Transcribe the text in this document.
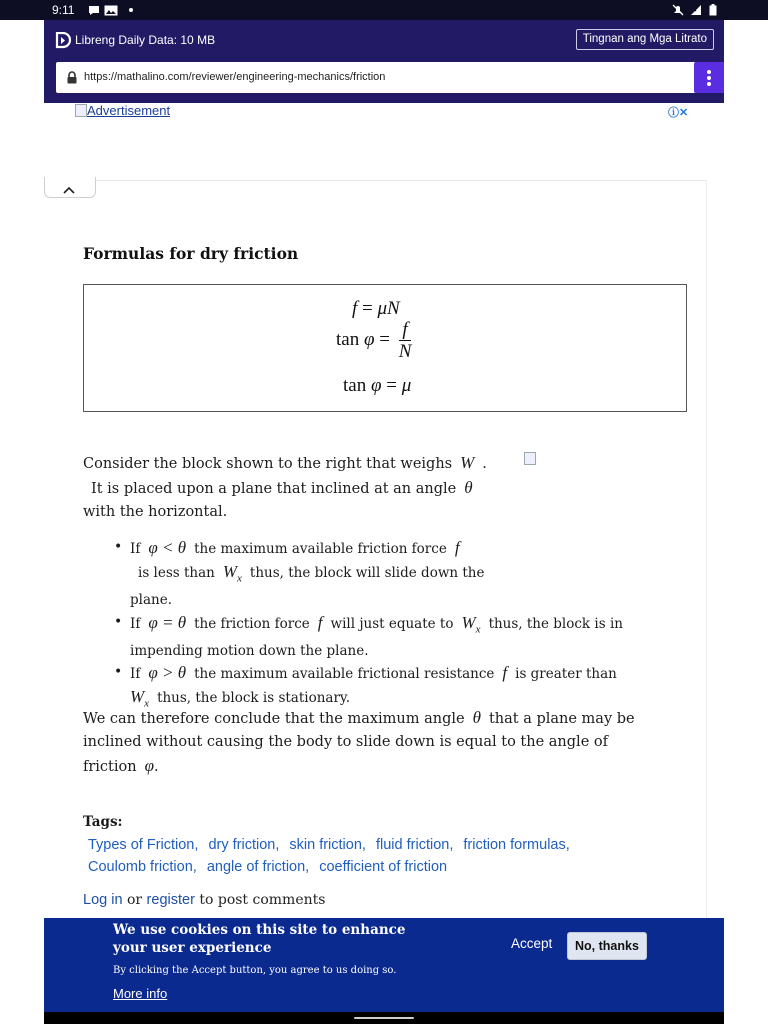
9:11
Libreng Daily Data: 10 MB	Tingnan ang Mga Litrato
https://mathalino.com/reviewer/engineering-mechanics/friction
Advertisement	ⓘ✕
Formulas for dry friction
f = μN
$\tan \varphi = \frac{f}{N}$
tan φ = μ

Consider the block shown to the right that weighs W .
It is placed upon a plane that inclined at an angle θ
with the horizontal.

• If φ < θ the maximum available friction force f
is less than $W_x$ thus, the block will slide down the plane.
• If φ = θ the friction force f will just equate to $W_x$ thus, the block is in impending motion down the plane.
• If φ > θ the maximum available frictional resistance f is greater than
$W_x$ thus, the block is stationary.

We can therefore conclude that the maximum angle θ that a plane may be inclined without causing the body to slide down is equal to the angle of friction φ.

Tags:
Types of Friction, dry friction, skin friction, fluid friction, friction formulas,
Coulomb friction, angle of friction, coefficient of friction
Log in or register to post comments
We use cookies on this site to enhance your user experience
By clicking the Accept button, you agree to us doing so.
More info
Accept	No, thanks
